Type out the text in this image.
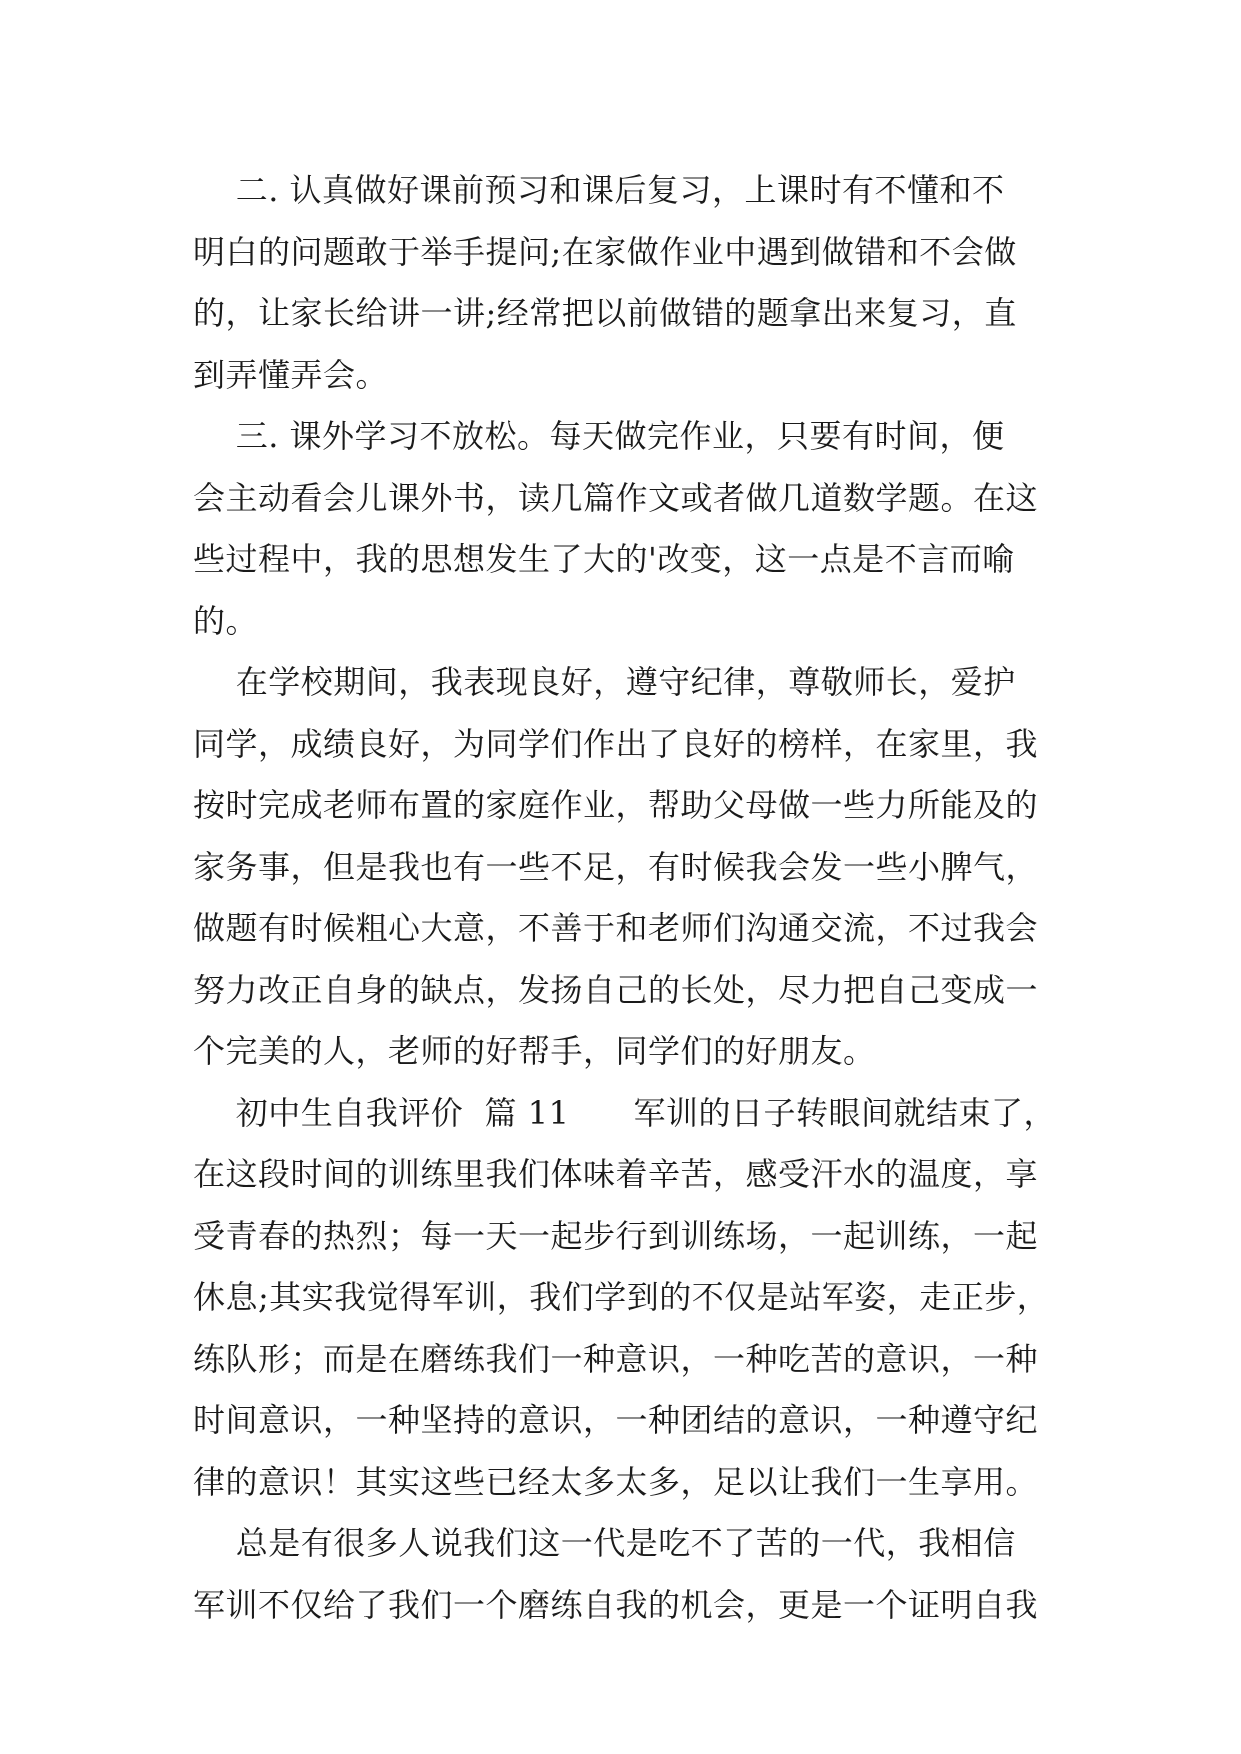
二. 认真做好课前预习和课后复习，上课时有不懂和不
明白的问题敢于举手提问;在家做作业中遇到做错和不会做
的，让家长给讲一讲;经常把以前做错的题拿出来复习，直
到弄懂弄会。
三. 课外学习不放松。每天做完作业，只要有时间，便
会主动看会儿课外书，读几篇作文或者做几道数学题。在这
些过程中，我的思想发生了大的'改变，这一点是不言而喻
的。
在学校期间，我表现良好，遵守纪律，尊敬师长，爱护
同学，成绩良好，为同学们作出了良好的榜样，在家里，我
按时完成老师布置的家庭作业，帮助父母做一些力所能及的
家务事，但是我也有一些不足，有时候我会发一些小脾气，
做题有时候粗心大意，不善于和老师们沟通交流，不过我会
努力改正自身的缺点，发扬自己的长处，尽力把自己变成一
个完美的人，老师的好帮手，同学们的好朋友。
初中生自我评价  篇 11      军训的日子转眼间就结束了，
在这段时间的训练里我们体味着辛苦，感受汗水的温度，享
受青春的热烈；每一天一起步行到训练场，一起训练，一起
休息;其实我觉得军训，我们学到的不仅是站军姿，走正步，
练队形；而是在磨练我们一种意识，一种吃苦的意识，一种
时间意识，一种坚持的意识，一种团结的意识，一种遵守纪
律的意识！其实这些已经太多太多，足以让我们一生享用。
总是有很多人说我们这一代是吃不了苦的一代，我相信
军训不仅给了我们一个磨练自我的机会，更是一个证明自我
